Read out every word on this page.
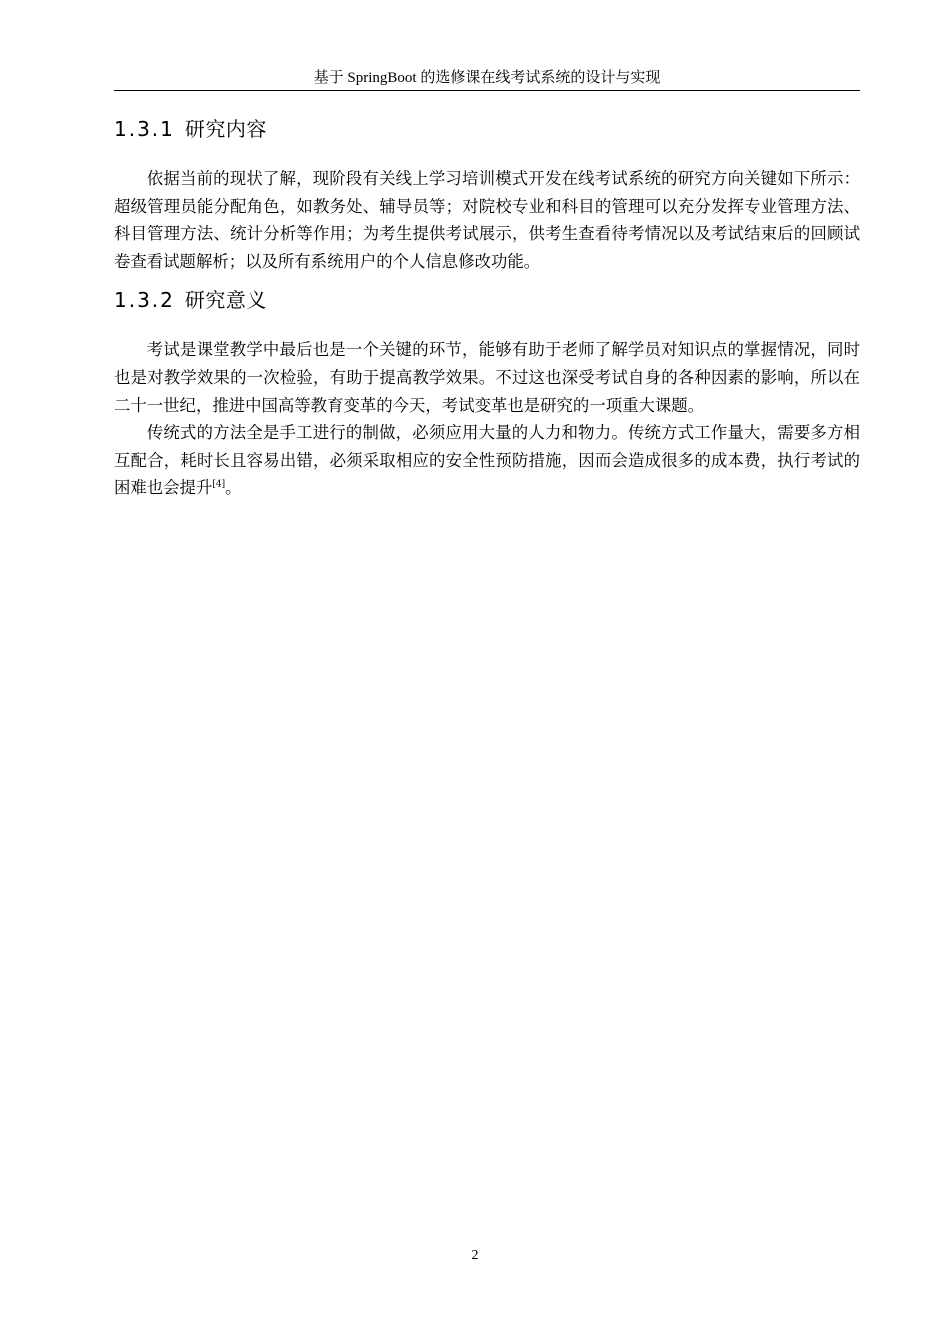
基于 SpringBoot 的选修课在线考试系统的设计与实现
1.3.1 研究内容

依据当前的现状了解，现阶段有关线上学习培训模式开发在线考试系统的研究方向关键如下所示：超级管理员能分配角色，如教务处、辅导员等；对院校专业和科目的管理可以充分发挥专业管理方法、科目管理方法、统计分析等作用；为考生提供考试展示，供考生查看待考情况以及考试结束后的回顾试卷查看试题解析；以及所有系统用户的个人信息修改功能。

1.3.2 研究意义

考试是课堂教学中最后也是一个关键的环节，能够有助于老师了解学员对知识点的掌握情况，同时也是对教学效果的一次检验，有助于提高教学效果。不过这也深受考试自身的各种因素的影响，所以在二十一世纪，推进中国高等教育变革的今天，考试变革也是研究的一项重大课题。

传统式的方法全是手工进行的制做，必须应用大量的人力和物力。传统方式工作量大，需要多方相互配合，耗时长且容易出错，必须采取相应的安全性预防措施，因而会造成很多的成本费，执行考试的困难也会提升[4]。

2
